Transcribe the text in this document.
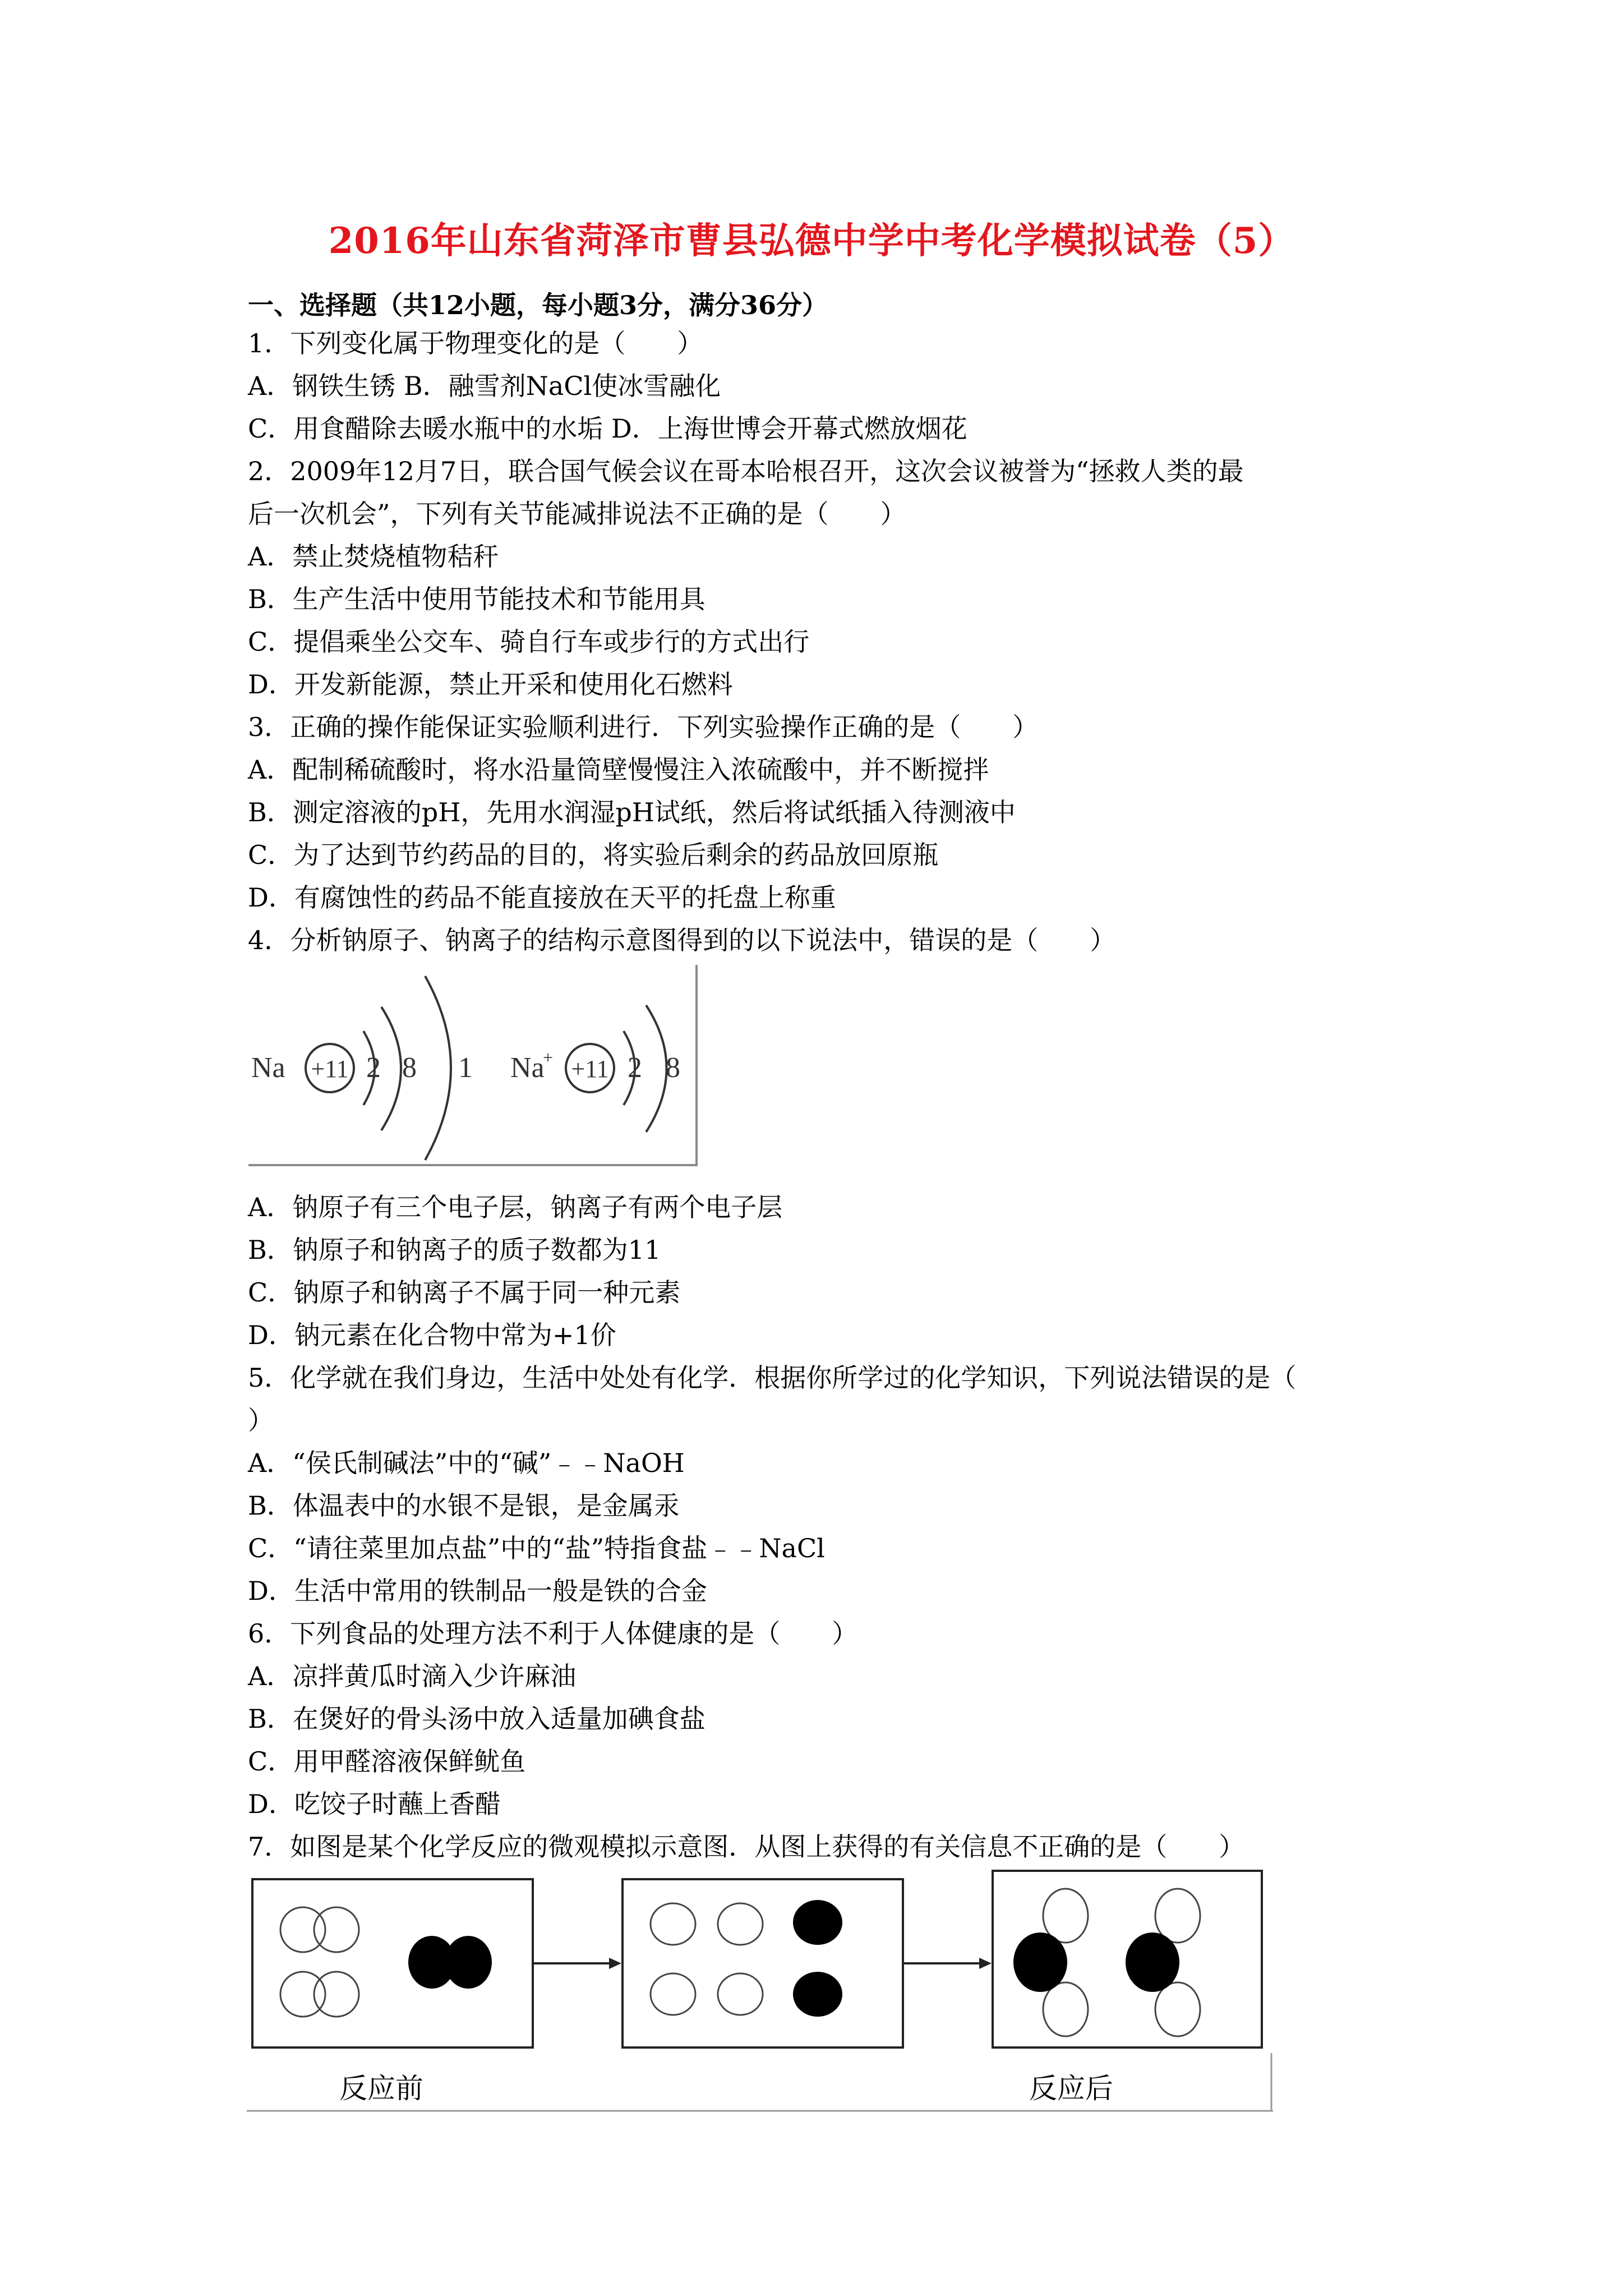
2016年山东省菏泽市曹县弘德中学中考化学模拟试卷（5）
一、选择题（共12小题，每小题3分，满分36分）
1．下列变化属于物理变化的是（　　）
A．钢铁生锈 B．融雪剂NaCl使冰雪融化
C．用食醋除去暖水瓶中的水垢 D．上海世博会开幕式燃放烟花
2．2009年12月7日，联合国气候会议在哥本哈根召开，这次会议被誉为“拯救人类的最
后一次机会”，下列有关节能减排说法不正确的是（　　）
A．禁止焚烧植物秸秆
B．生产生活中使用节能技术和节能用具
C．提倡乘坐公交车、骑自行车或步行的方式出行
D．开发新能源，禁止开采和使用化石燃料
3．正确的操作能保证实验顺利进行．下列实验操作正确的是（　　）
A．配制稀硫酸时，将水沿量筒壁慢慢注入浓硫酸中，并不断搅拌
B．测定溶液的pH，先用水润湿pH试纸，然后将试纸插入待测液中
C．为了达到节约药品的目的，将实验后剩余的药品放回原瓶
D．有腐蚀性的药品不能直接放在天平的托盘上称重
4．分析钠原子、钠离子的结构示意图得到的以下说法中，错误的是（　　）
Na +11 2 8 1 Na
+ +11 2 8
A．钠原子有三个电子层，钠离子有两个电子层
B．钠原子和钠离子的质子数都为11
C．钠原子和钠离子不属于同一种元素
D．钠元素在化合物中常为+1价
5．化学就在我们身边，生活中处处有化学．根据你所学过的化学知识，下列说法错误的是（
）
A．“侯氏制碱法”中的“碱”﹣﹣NaOH
B．体温表中的水银不是银，是金属汞
C．“请往菜里加点盐”中的“盐”特指食盐﹣﹣NaCl
D．生活中常用的铁制品一般是铁的合金
6．下列食品的处理方法不利于人体健康的是（　　）
A．凉拌黄瓜时滴入少许麻油
B．在煲好的骨头汤中放入适量加碘食盐
C．用甲醛溶液保鲜鱿鱼
D．吃饺子时蘸上香醋
7．如图是某个化学反应的微观模拟示意图．从图上获得的有关信息不正确的是（　　）
反应前	反应后
